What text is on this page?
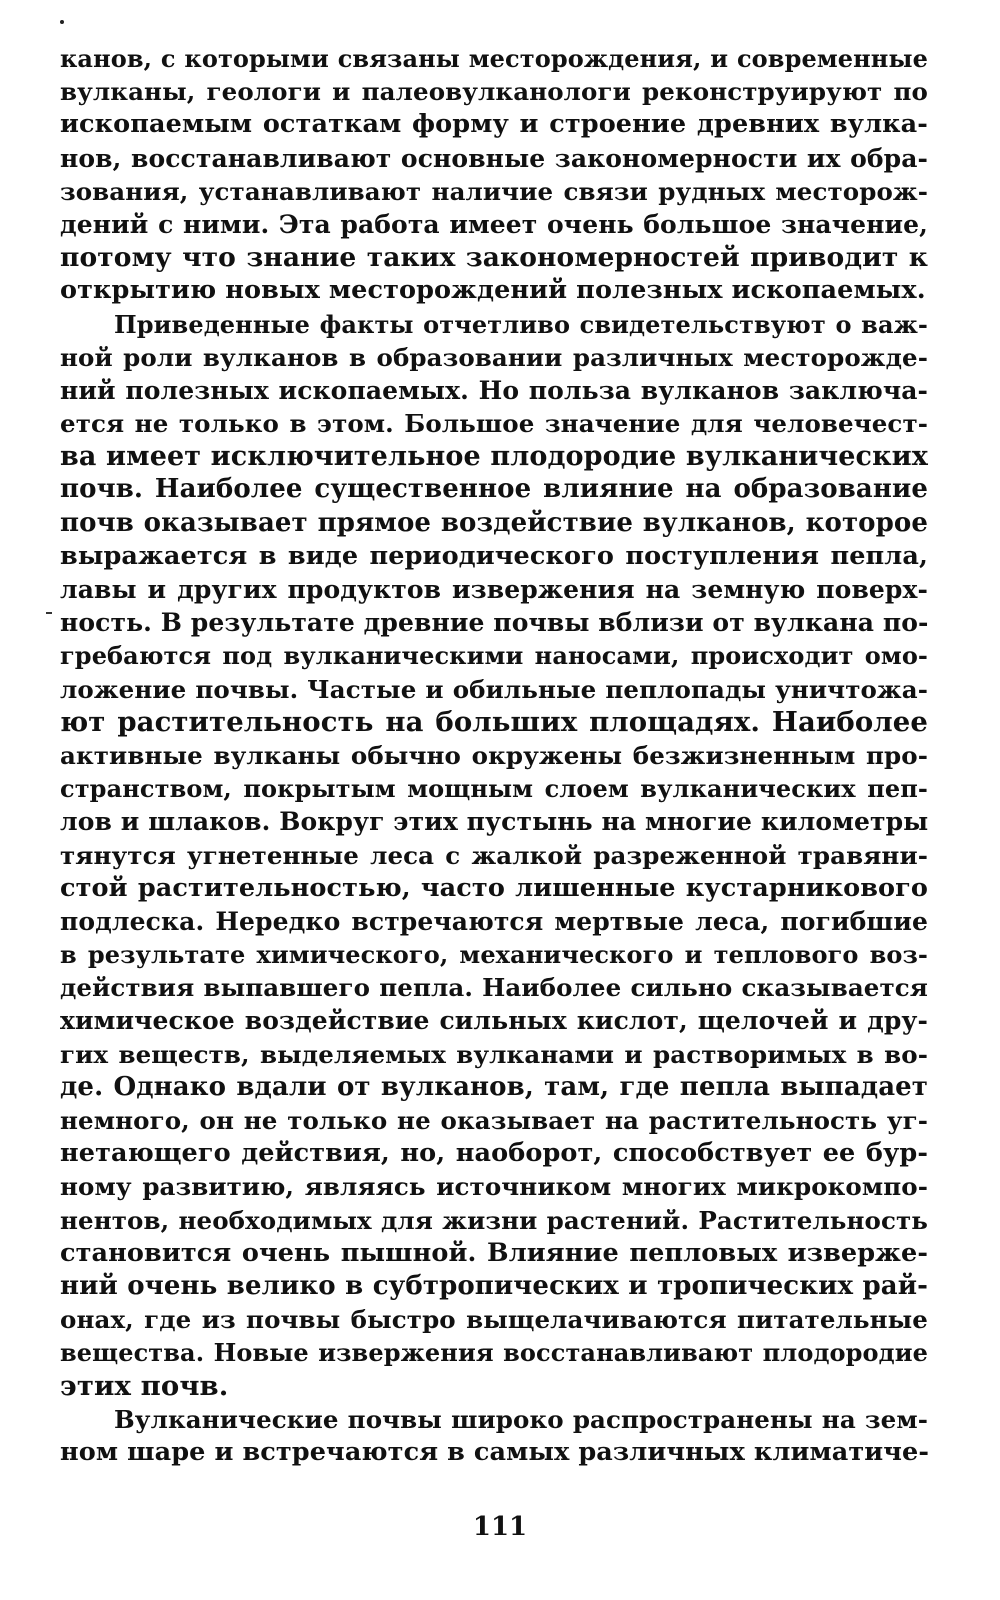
канов, с которыми связаны месторождения, и современные
вулканы, геологи и палеовулканологи реконструируют по
ископаемым остаткам форму и строение древних вулка-
нов, восстанавливают основные закономерности их обра-
зования, устанавливают наличие связи рудных месторож-
дений с ними. Эта работа имеет очень большое значение,
потому что знание таких закономерностей приводит к
открытию новых месторождений полезных ископаемых.
Приведенные факты отчетливо свидетельствуют о важ-
ной роли вулканов в образовании различных месторожде-
ний полезных ископаемых. Но польза вулканов заключа-
ется не только в этом. Большое значение для человечест-
ва имеет исключительное плодородие вулканических
почв. Наиболее существенное влияние на образование
почв оказывает прямое воздействие вулканов, которое
выражается в виде периодического поступления пепла,
лавы и других продуктов извержения на земную поверх-
ность. В результате древние почвы вблизи от вулкана по-
гребаются под вулканическими наносами, происходит омо-
ложение почвы. Частые и обильные пеплопады уничтожа-
ют растительность на больших площадях. Наиболее
активные вулканы обычно окружены безжизненным про-
странством, покрытым мощным слоем вулканических пеп-
лов и шлаков. Вокруг этих пустынь на многие километры
тянутся угнетенные леса с жалкой разреженной травяни-
стой растительностью, часто лишенные кустарникового
подлеска. Нередко встречаются мертвые леса, погибшие
в результате химического, механического и теплового воз-
действия выпавшего пепла. Наиболее сильно сказывается
химическое воздействие сильных кислот, щелочей и дру-
гих веществ, выделяемых вулканами и растворимых в во-
де. Однако вдали от вулканов, там, где пепла выпадает
немного, он не только не оказывает на растительность уг-
нетающего действия, но, наоборот, способствует ее бур-
ному развитию, являясь источником многих микрокомпо-
нентов, необходимых для жизни растений. Растительность
становится очень пышной. Влияние пепловых изверже-
ний очень велико в субтропических и тропических рай-
онах, где из почвы быстро выщелачиваются питательные
вещества. Новые извержения восстанавливают плодородие
этих почв.
Вулканические почвы широко распространены на зем-
ном шаре и встречаются в самых различных климатиче-
111
